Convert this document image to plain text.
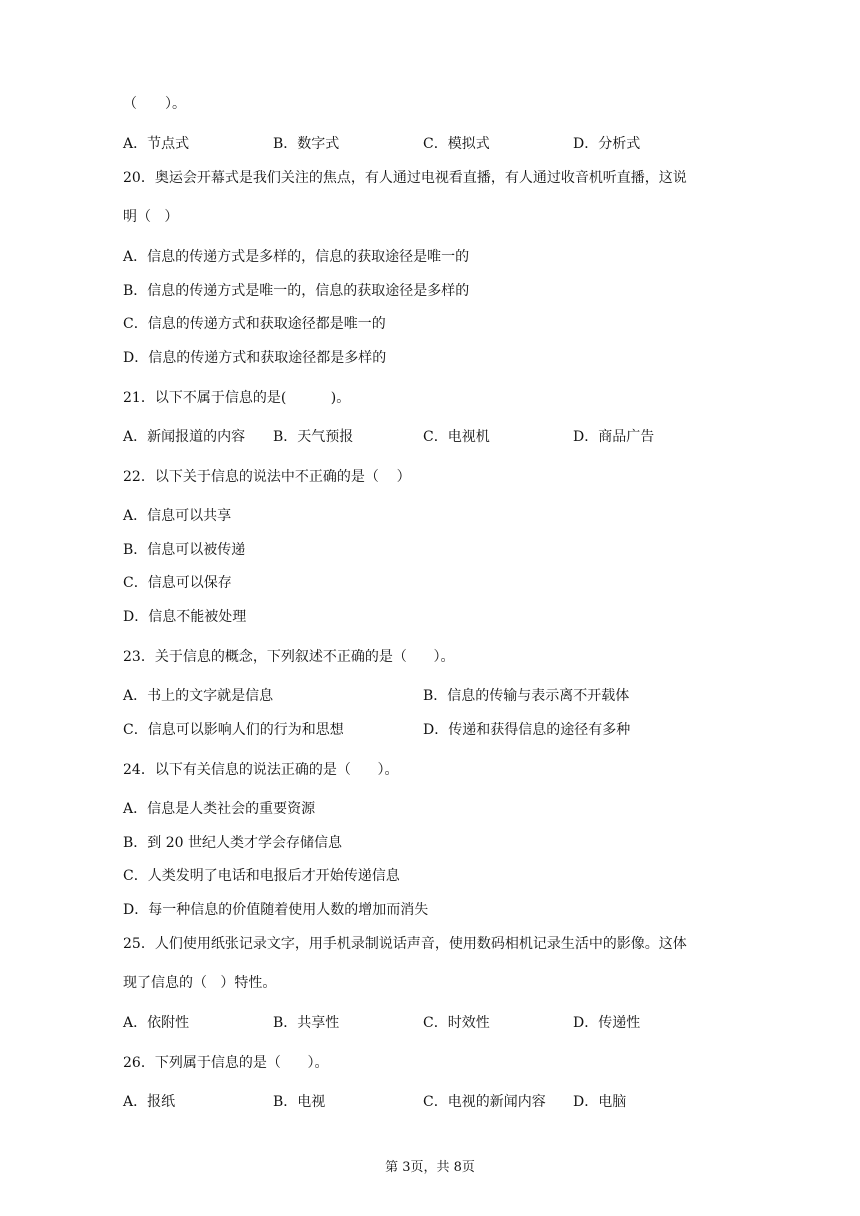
（　　）。
A．节点式	B．数字式	C．模拟式	D．分析式
20．奥运会开幕式是我们关注的焦点，有人通过电视看直播，有人通过收音机听直播，这说
明（   ）
A．信息的传递方式是多样的，信息的获取途径是唯一的
B．信息的传递方式是唯一的，信息的获取途径是多样的
C．信息的传递方式和获取途径都是唯一的
D．信息的传递方式和获取途径都是多样的
21．以下不属于信息的是(          )。
A．新闻报道的内容 B．天气预报	C．电视机	D．商品广告
22．以下关于信息的说法中不正确的是（    ）
A．信息可以共享
B．信息可以被传递
C．信息可以保存
D．信息不能被处理
23．关于信息的概念，下列叙述不正确的是（      ）。
A．书上的文字就是信息	B．信息的传输与表示离不开载体
C．信息可以影响人们的行为和思想	D．传递和获得信息的途径有多种
24．以下有关信息的说法正确的是（      ）。
A．信息是人类社会的重要资源
B．到 20 世纪人类才学会存储信息
C．人类发明了电话和电报后才开始传递信息
D．每一种信息的价值随着使用人数的增加而消失
25．人们使用纸张记录文字，用手机录制说话声音，使用数码相机记录生活中的影像。这体
现了信息的（   ）特性。
A．依附性	B．共享性	C．时效性	D．传递性
26．下列属于信息的是（      ）。
A．报纸	B．电视	C．电视的新闻内容 D．电脑
第 3页，共 8页
